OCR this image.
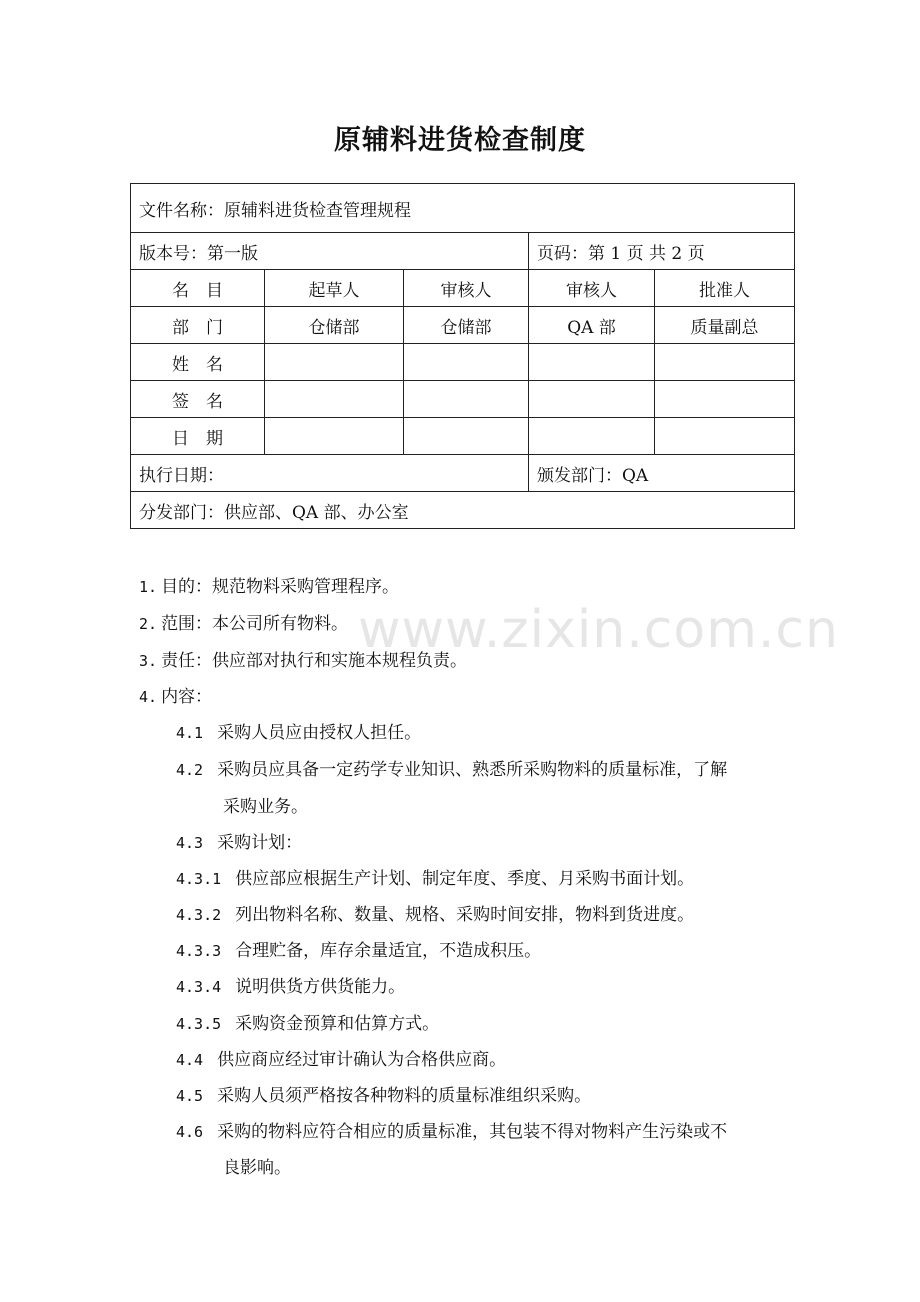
原辅料进货检查制度
文件名称：原辅料进货检查管理规程				
版本号：第一版			页码：第 1 页 共 2 页	
名　目	起草人	审核人	审核人	批准人
部　门	仓储部	仓储部	QA 部	质量副总
姓　名				
签　名				
日　期				
执行日期：			颁发部门：QA	
分发部门：供应部、QA 部、办公室				
www.zixin.com.cn
1. 目的：规范物料采购管理程序。
2. 范围：本公司所有物料。
3. 责任：供应部对执行和实施本规程负责。
4. 内容：
4.1 采购人员应由授权人担任。
4.2 采购员应具备一定药学专业知识、熟悉所采购物料的质量标准，了解
采购业务。
4.3 采购计划：
4.3.1 供应部应根据生产计划、制定年度、季度、月采购书面计划。
4.3.2 列出物料名称、数量、规格、采购时间安排，物料到货进度。
4.3.3 合理贮备，库存余量适宜，不造成积压。
4.3.4 说明供货方供货能力。
4.3.5 采购资金预算和估算方式。
4.4 供应商应经过审计确认为合格供应商。
4.5 采购人员须严格按各种物料的质量标准组织采购。
4.6 采购的物料应符合相应的质量标准，其包装不得对物料产生污染或不
良影响。
